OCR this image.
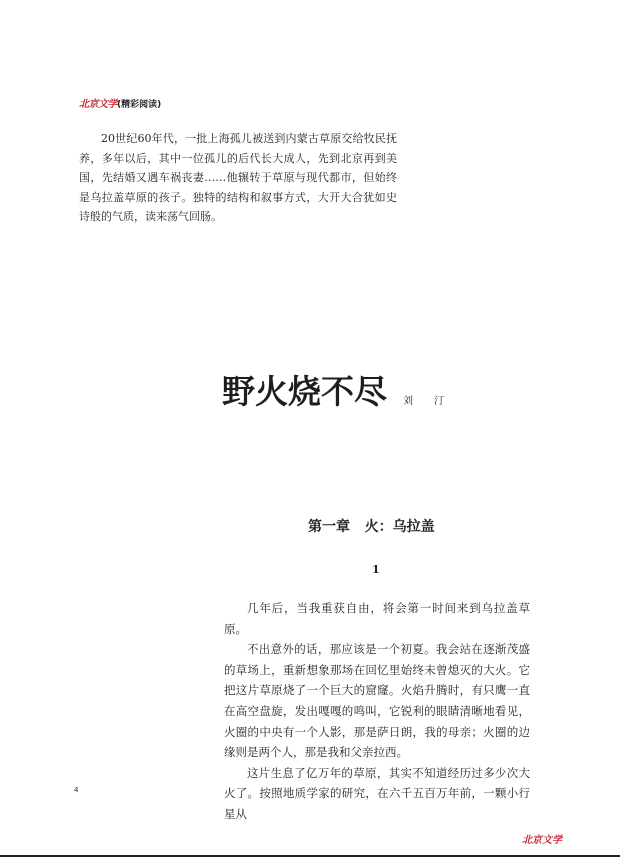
北京文学 (精彩阅读)

20世纪60年代，一批上海孤儿被送到内蒙古草原交给牧民抚养，多年以后，其中一位孤儿的后代长大成人，先到北京再到美国，先结婚又遇车祸丧妻……他辗转于草原与现代都市，但始终是乌拉盖草原的孩子。独特的结构和叙事方式，大开大合犹如史诗般的气质，读来荡气回肠。

野火烧不尽 刘 汀
第一章   火：乌拉盖
1

几年后，当我重获自由，将会第一时间来到乌拉盖草原。

不出意外的话，那应该是一个初夏。我会站在逐渐茂盛的草场上，重新想象那场在回忆里始终未曾熄灭的大火。它把这片草原烧了一个巨大的窟窿。火焰升腾时，有只鹰一直在高空盘旋，发出嘎嘎的鸣叫，它锐利的眼睛清晰地看见，火圈的中央有一个人影，那是萨日朗，我的母亲；火圈的边缘则是两个人，那是我和父亲拉西。

这片生息了亿万年的草原，其实不知道经历过多少次大火了。按照地质学家的研究，在六千五百万年前，一颗小行星从

4
北京文学
